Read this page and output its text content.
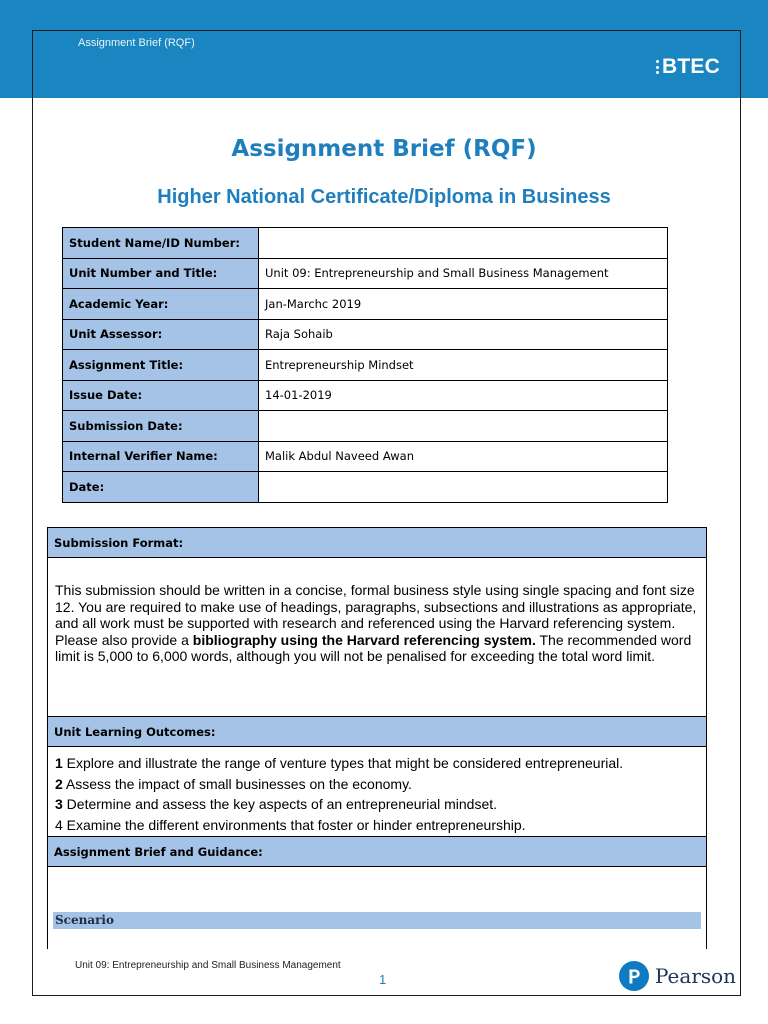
Assignment Brief (RQF)
BTEC
Assignment Brief (RQF)
Higher National Certificate/Diploma in Business
Student Name/ID Number:	
Unit Number and Title:	Unit 09: Entrepreneurship and Small Business Management
Academic Year:	Jan-Marchc 2019
Unit Assessor:	Raja Sohaib
Assignment Title:	Entrepreneurship Mindset
Issue Date:	14-01-2019
Submission Date:	
Internal Verifier Name:	Malik Abdul Naveed Awan
Date:	
Submission Format:
This submission should be written in a concise, formal business style using single spacing and font size 12. You are required to make use of headings, paragraphs, subsections and illustrations as appropriate, and all work must be supported with research and referenced using the Harvard referencing system. Please also provide a bibliography using the Harvard referencing system. The recommended word limit is 5,000 to 6,000 words, although you will not be penalised for exceeding the total word limit.
Unit Learning Outcomes:
1 Explore and illustrate the range of venture types that might be considered entrepreneurial.
2 Assess the impact of small businesses on the economy.
3 Determine and assess the key aspects of an entrepreneurial mindset.
4 Examine the different environments that foster or hinder entrepreneurship.
Assignment Brief and Guidance:
Scenario
Unit 09: Entrepreneurship and Small Business Management
1	Pearson
